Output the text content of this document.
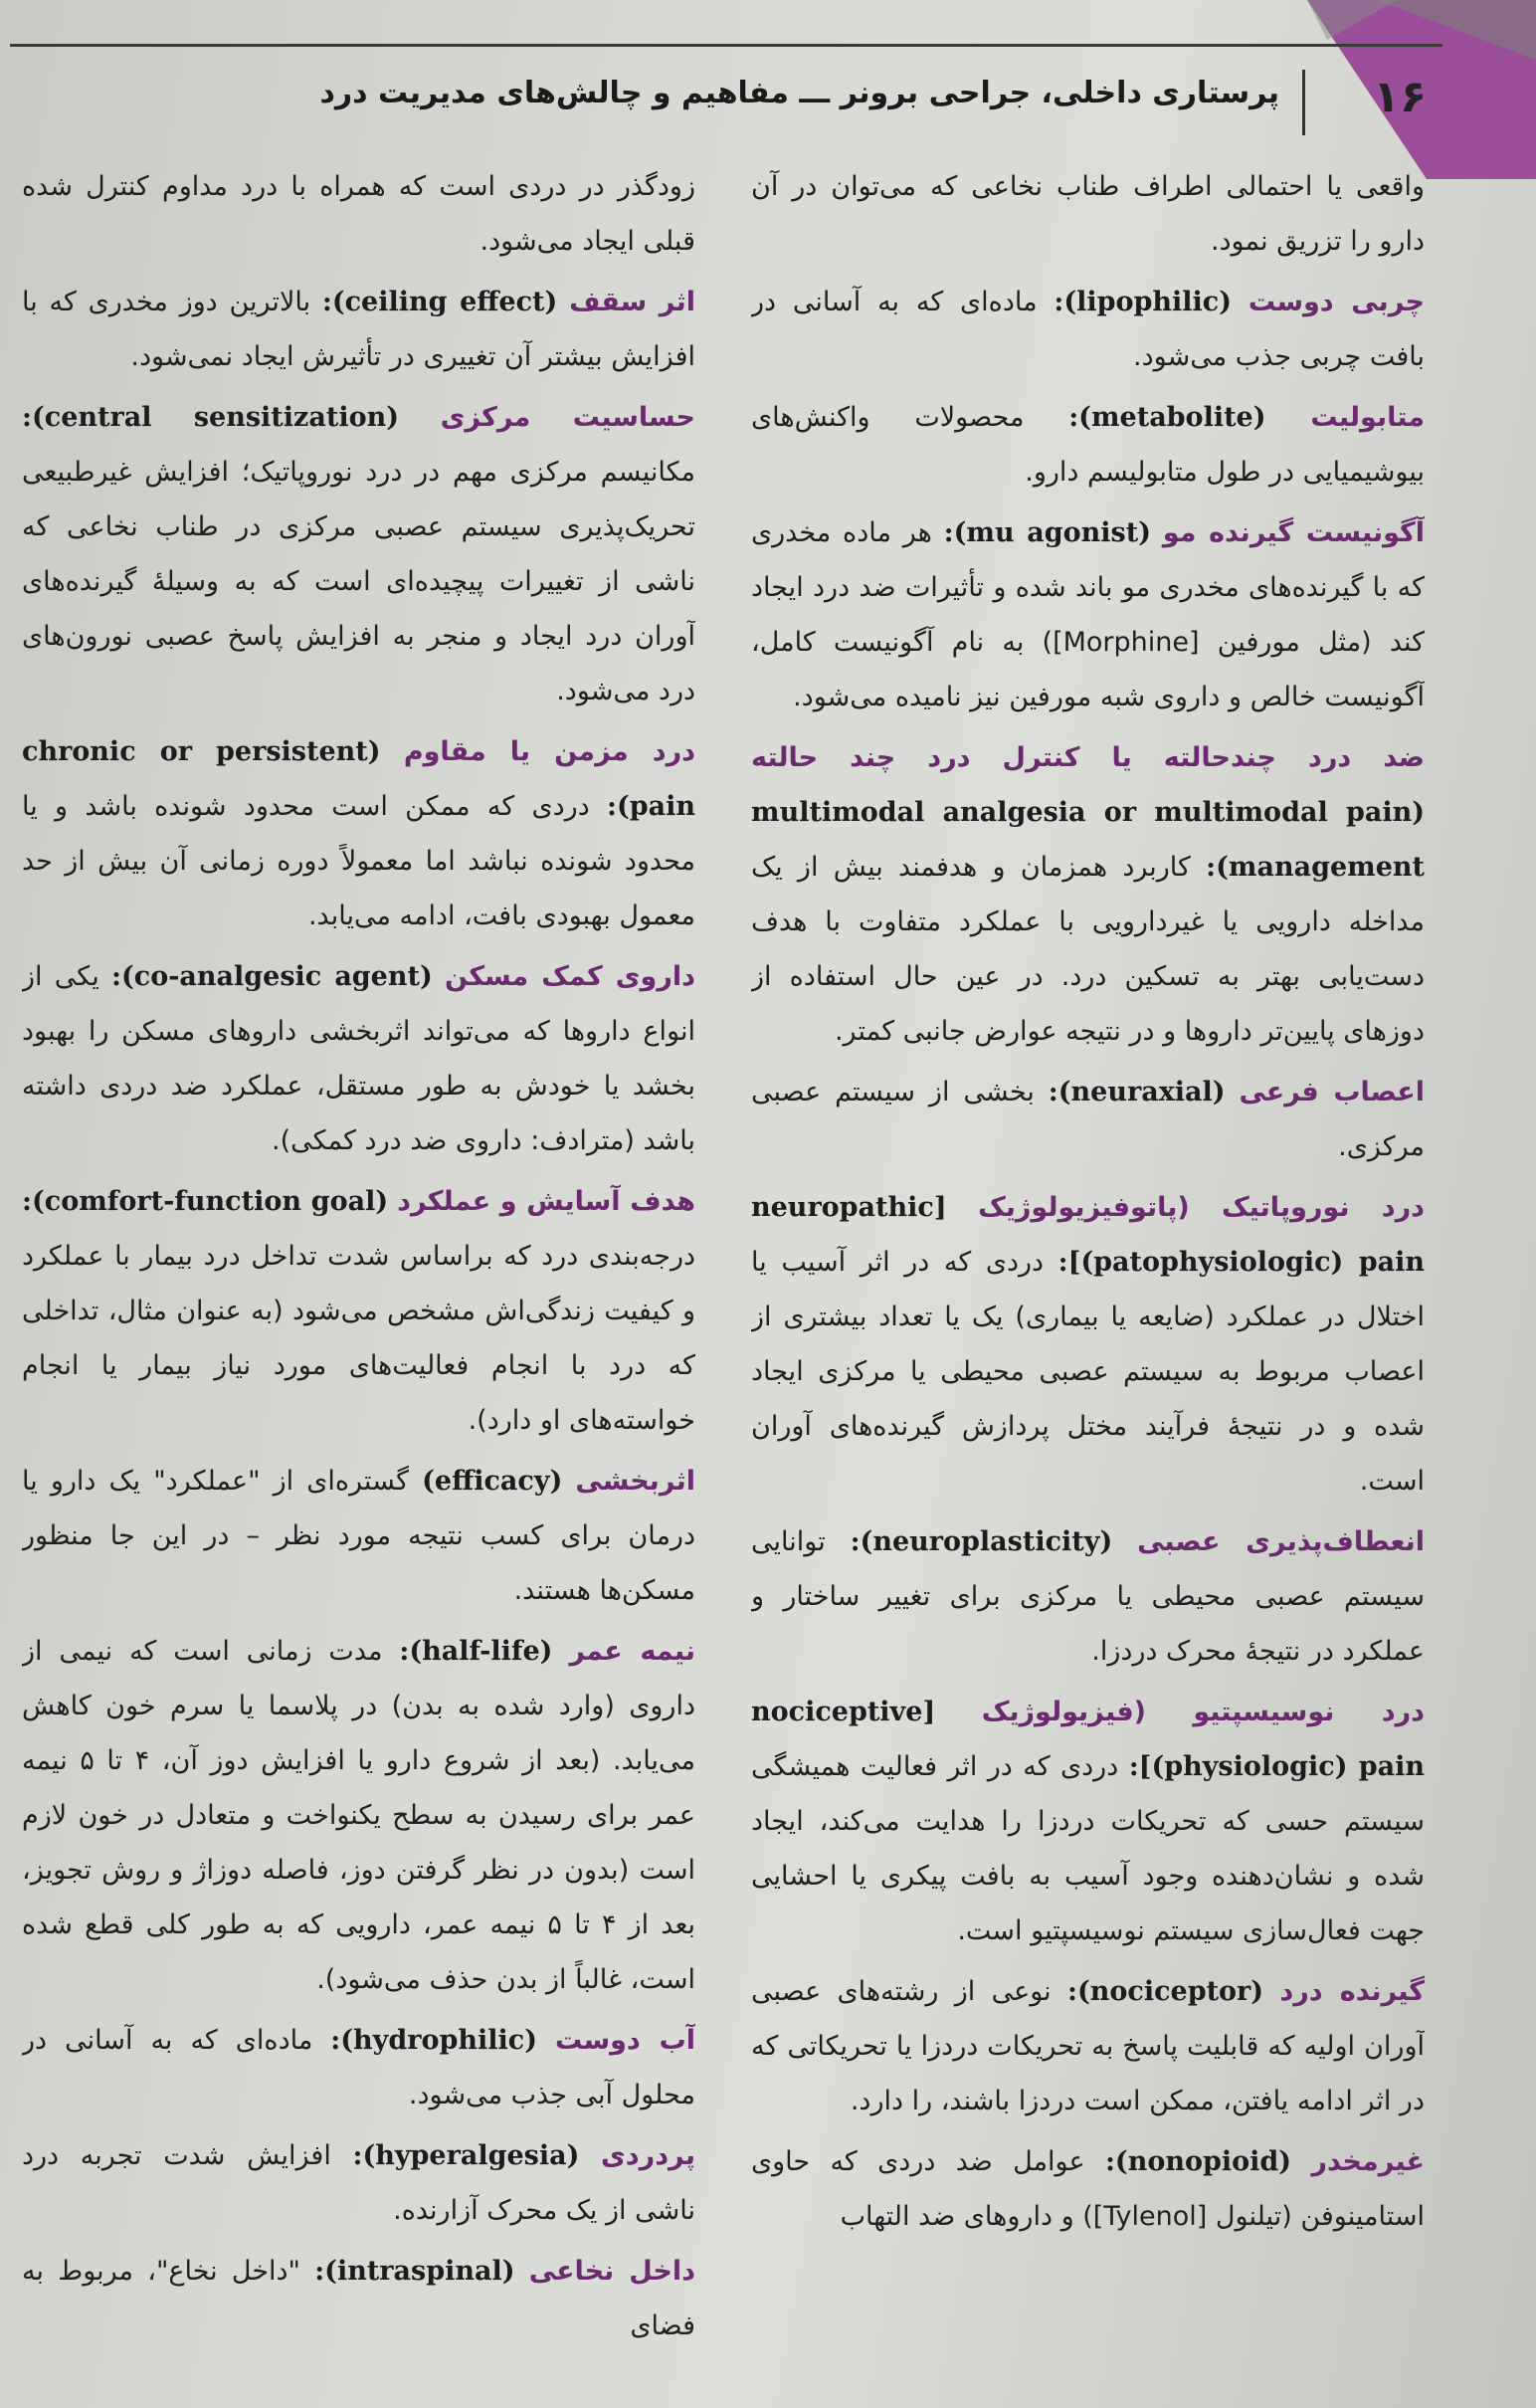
۱۶
پرستاری داخلی، جراحی برونر ـــ مفاهیم و چالش‌های مدیریت درد

زودگذر در دردی است که همراه با درد مداوم کنترل شده قبلی ایجاد می‌شود.

اثر سقف (ceiling effect): بالاترین دوز مخدری که با افزایش بیشتر آن تغییری در تأثیرش ایجاد نمی‌شود.

حساسیت مرکزی (central sensitization): مکانیسم مرکزی مهم در درد نوروپاتیک؛ افزایش غیرطبیعی تحریک‌پذیری سیستم عصبی مرکزی در طناب نخاعی که ناشی از تغییرات پیچیده‌ای است که به وسیلهٔ گیرنده‌های آوران درد ایجاد و منجر به افزایش پاسخ عصبی نورون‌های درد می‌شود.

درد مزمن یا مقاوم (chronic or persistent pain): دردی که ممکن است محدود شونده باشد و یا محدود شونده نباشد اما معمولاً دوره زمانی آن بیش از حد معمول بهبودی بافت، ادامه می‌یابد.

داروی کمک مسکن (co-analgesic agent): یکی از انواع داروها که می‌تواند اثربخشی داروهای مسکن را بهبود بخشد یا خودش به طور مستقل، عملکرد ضد دردی داشته باشد (مترادف: داروی ضد درد کمکی).

هدف آسایش و عملکرد (comfort-function goal): درجه‌بندی درد که براساس شدت تداخل درد بیمار با عملکرد و کیفیت زندگی‌اش مشخص می‌شود (به عنوان مثال، تداخلی که درد با انجام فعالیت‌های مورد نیاز بیمار یا انجام خواسته‌های او دارد).

اثربخشی (efficacy) گستره‌ای از "عملکرد" یک دارو یا درمان برای کسب نتیجه مورد نظر – در این جا منظور مسکن‌ها هستند.

نیمه عمر (half-life): مدت زمانی است که نیمی از داروی (وارد شده به بدن) در پلاسما یا سرم خون کاهش می‌یابد. (بعد از شروع دارو یا افزایش دوز آن، ۴ تا ۵ نیمه عمر برای رسیدن به سطح یکنواخت و متعادل در خون لازم است (بدون در نظر گرفتن دوز، فاصله دوزاژ و روش تجویز، بعد از ۴ تا ۵ نیمه عمر، دارویی که به طور کلی قطع شده است، غالباً از بدن حذف می‌شود).

آب دوست (hydrophilic): ماده‌ای که به آسانی در محلول آبی جذب می‌شود.

پردردی (hyperalgesia): افزایش شدت تجربه درد ناشی از یک محرک آزارنده.

داخل نخاعی (intraspinal): "داخل نخاع"، مربوط به فضای

واقعی یا احتمالی اطراف طناب نخاعی که می‌توان در آن دارو را تزریق نمود.

چربی دوست (lipophilic): ماده‌ای که به آسانی در بافت چربی جذب می‌شود.

متابولیت (metabolite): محصولات واکنش‌های بیوشیمیایی در طول متابولیسم دارو.

آگونیست گیرنده مو (mu agonist): هر ماده مخدری که با گیرنده‌های مخدری مو باند شده و تأثیرات ضد درد ایجاد کند (مثل مورفین [Morphine]) به نام آگونیست کامل، آگونیست خالص و داروی شبه مورفین نیز نامیده می‌شود.

ضد درد چندحالته یا کنترل درد چند حالته (multimodal analgesia or multimodal pain management): کاربرد همزمان و هدفمند بیش از یک مداخله دارویی یا غیردارویی با عملکرد متفاوت با هدف دست‌یابی بهتر به تسکین درد. در عین حال استفاده از دوزهای پایین‌تر داروها و در نتیجه عوارض جانبی کمتر.

اعصاب فرعی (neuraxial): بخشی از سیستم عصبی مرکزی.

درد نوروپاتیک (پاتوفیزیولوژیک [neuropathic (patophysiologic) pain]: دردی که در اثر آسیب یا اختلال در عملکرد (ضایعه یا بیماری) یک یا تعداد بیشتری از اعصاب مربوط به سیستم عصبی محیطی یا مرکزی ایجاد شده و در نتیجهٔ فرآیند مختل پردازش گیرنده‌های آوران است.

انعطاف‌پذیری عصبی (neuroplasticity): توانایی سیستم عصبی محیطی یا مرکزی برای تغییر ساختار و عملکرد در نتیجهٔ محرک دردزا.

درد نوسیسپتیو (فیزیولوژیک [nociceptive (physiologic) pain]: دردی که در اثر فعالیت همیشگی سیستم حسی که تحریکات دردزا را هدایت می‌کند، ایجاد شده و نشان‌دهنده وجود آسیب به بافت پیکری یا احشایی جهت فعال‌سازی سیستم نوسیسپتیو است.

گیرنده درد (nociceptor): نوعی از رشته‌های عصبی آوران اولیه که قابلیت پاسخ به تحریکات دردزا یا تحریکاتی که در اثر ادامه یافتن، ممکن است دردزا باشند، را دارد.

غیرمخدر (nonopioid): عوامل ضد دردی که حاوی استامینوفن (تیلنول [Tylenol]) و داروهای ضد التهاب
